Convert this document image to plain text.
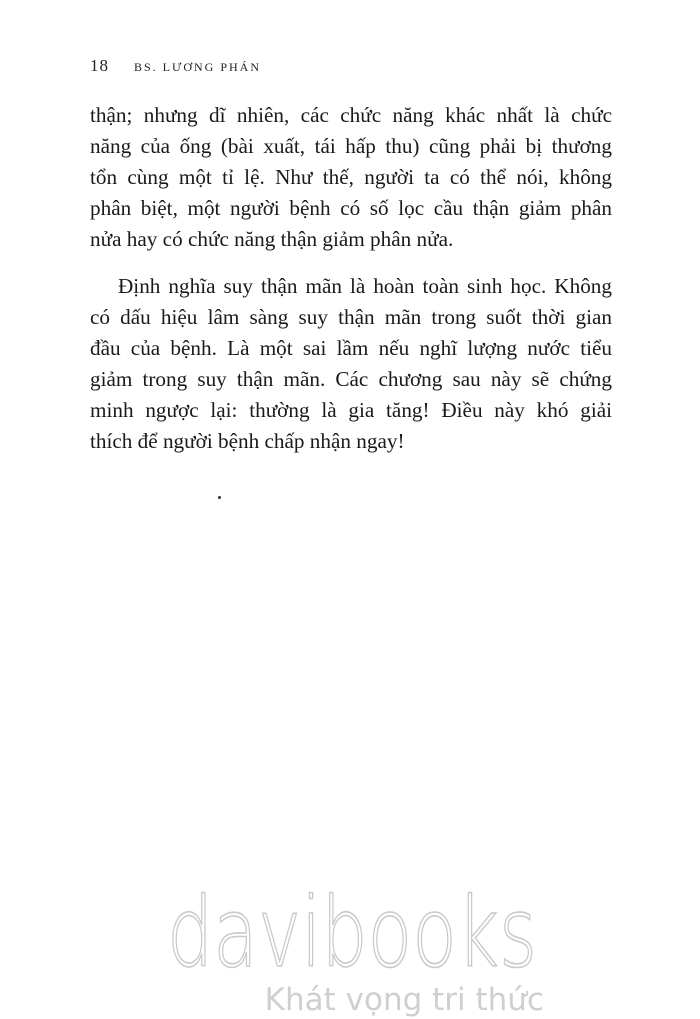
18 BS. LƯƠNG PHÁN
thận; nhưng dĩ nhiên, các chức năng khác nhất là chức
năng của ống (bài xuất, tái hấp thu) cũng phải bị thương
tổn cùng một tỉ lệ. Như thế, người ta có thể nói, không
phân biệt, một người bệnh có số lọc cầu thận giảm phân
nửa hay có chức năng thận giảm phân nửa.
Định nghĩa suy thận mãn là hoàn toàn sinh học. Không
có dấu hiệu lâm sàng suy thận mãn trong suốt thời gian
đầu của bệnh. Là một sai lầm nếu nghĩ lượng nước tiểu
giảm trong suy thận mãn. Các chương sau này sẽ chứng
minh ngược lại: thường là gia tăng! Điều này khó giải
thích để người bệnh chấp nhận ngay!
davibooks
Khát vọng tri thức
